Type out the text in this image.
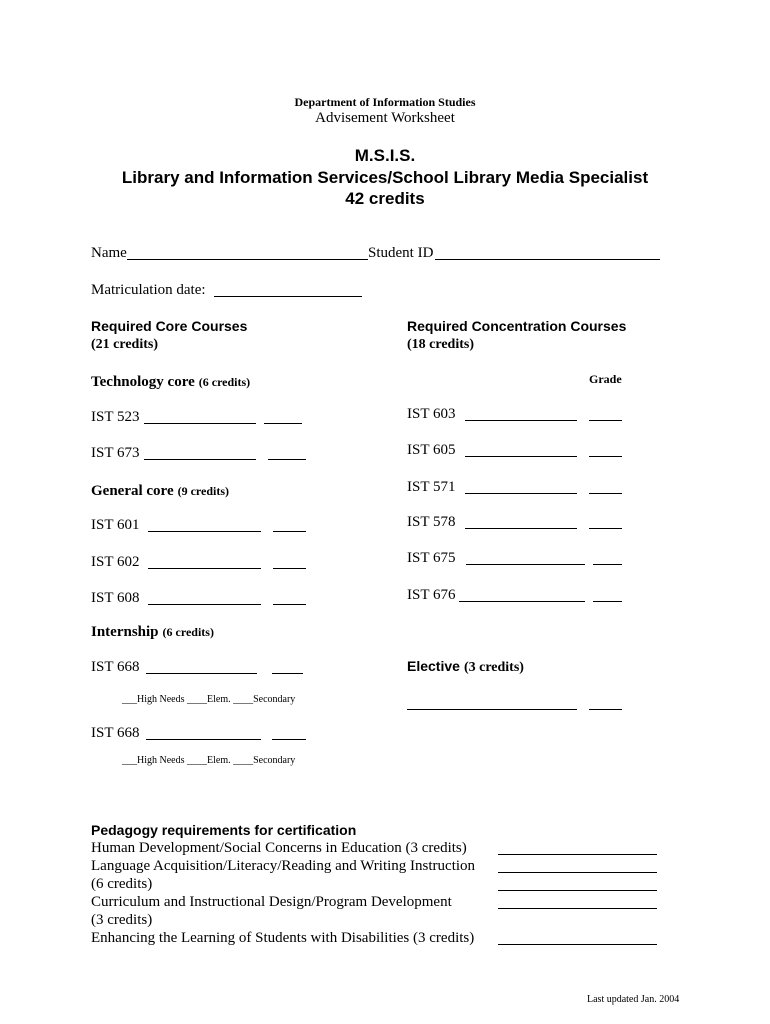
Department of Information Studies
Advisement Worksheet
M.S.I.S.
Library and Information Services/School Library Media Specialist
42 credits
Name	Student ID
Matriculation date:
Required Core Courses
(21 credits)
Required Concentration Courses
(18 credits)
Technology core (6 credits)	Grade
IST 523
IST 673
General core (9 credits)
IST 601
IST 602
IST 608
Internship (6 credits)
IST 668
___High Needs ____Elem. ____Secondary
IST 668
___High Needs ____Elem. ____Secondary
IST 603
IST 605
IST 571
IST 578
IST 675
IST 676
Elective (3 credits)
Pedagogy requirements for certification
Human Development/Social Concerns in Education (3 credits)
Language Acquisition/Literacy/Reading and Writing Instruction
(6 credits)
Curriculum and Instructional Design/Program Development
(3 credits)
Enhancing the Learning of Students with Disabilities (3 credits)
Last updated Jan. 2004
